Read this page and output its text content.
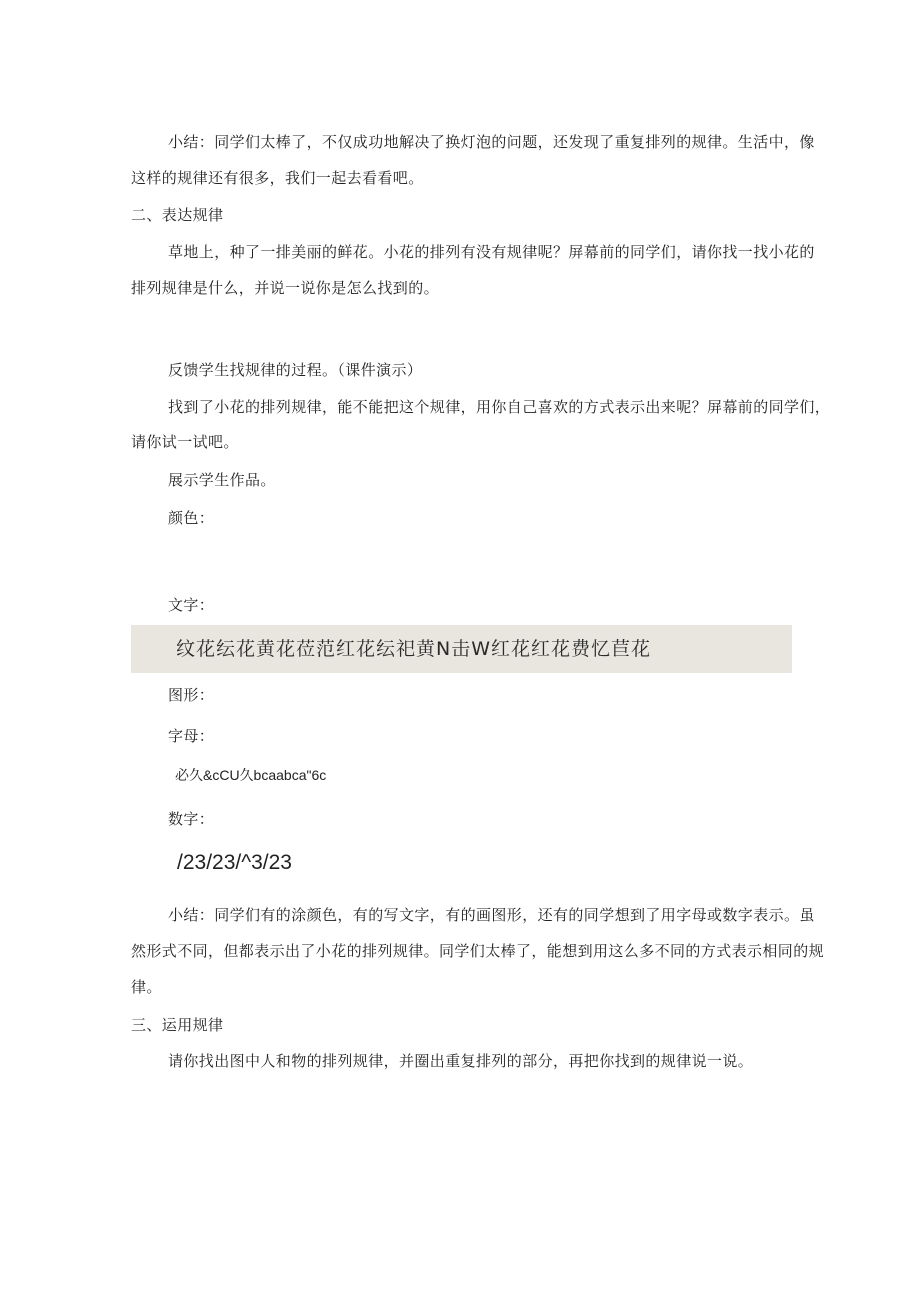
小结：同学们太棒了，不仅成功地解决了换灯泡的问题，还发现了重复排列的规律。生活中，像
这样的规律还有很多，我们一起去看看吧。
二、表达规律
草地上，种了一排美丽的鲜花。小花的排列有没有规律呢？屏幕前的同学们，请你找一找小花的
排列规律是什么，并说一说你是怎么找到的。
反馈学生找规律的过程。（课件演示）
找到了小花的排列规律，能不能把这个规律，用你自己喜欢的方式表示出来呢？屏幕前的同学们，
请你试一试吧。
展示学生作品。
颜色：
文字：
纹花纭花黄花莅范红花纭祀黄N击W红花红花费忆苣花
图形：
字母：
必久&cCU久bcaabca"6c
数字：
/23/23/^3/23
小结：同学们有的涂颜色，有的写文字，有的画图形，还有的同学想到了用字母或数字表示。虽
然形式不同，但都表示出了小花的排列规律。同学们太棒了，能想到用这么多不同的方式表示相同的规
律。
三、运用规律
请你找出图中人和物的排列规律，并圈出重复排列的部分，再把你找到的规律说一说。
